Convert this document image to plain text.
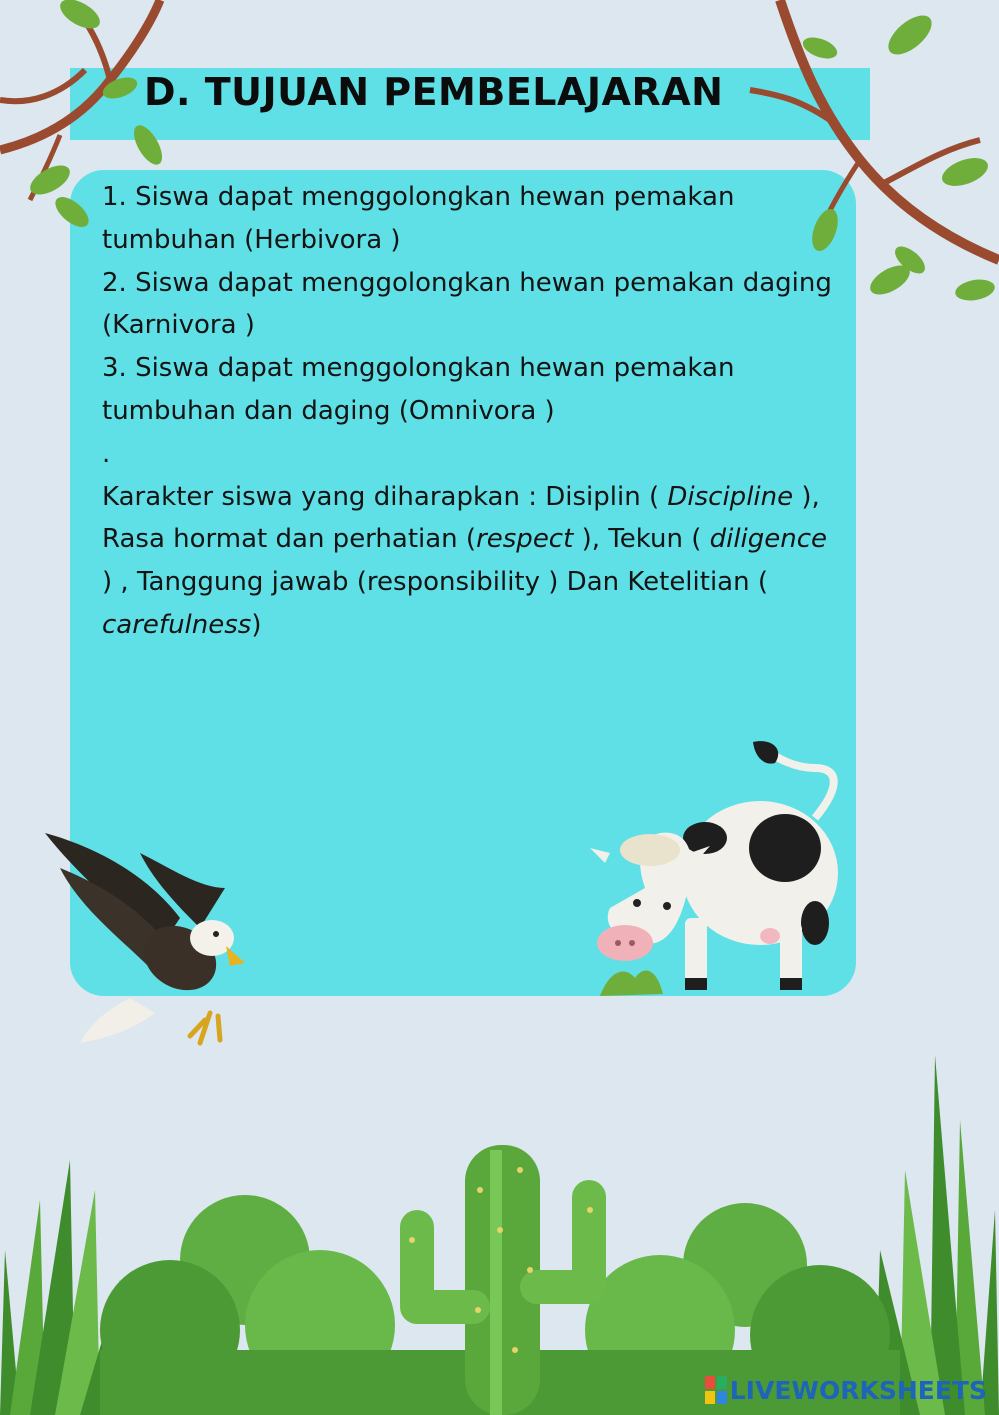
D. TUJUAN PEMBELAJARAN

1. Siswa dapat menggolongkan hewan pemakan tumbuhan (Herbivora )

2. Siswa dapat menggolongkan hewan pemakan daging (Karnivora )

3. Siswa dapat menggolongkan hewan pemakan tumbuhan dan daging (Omnivora )

.

Karakter siswa yang diharapkan : Disiplin ( Discipline ), Rasa hormat dan perhatian (respect ), Tekun ( diligence ) , Tanggung jawab (responsibility ) Dan Ketelitian ( carefulness)

LIVEWORKSHEETS
